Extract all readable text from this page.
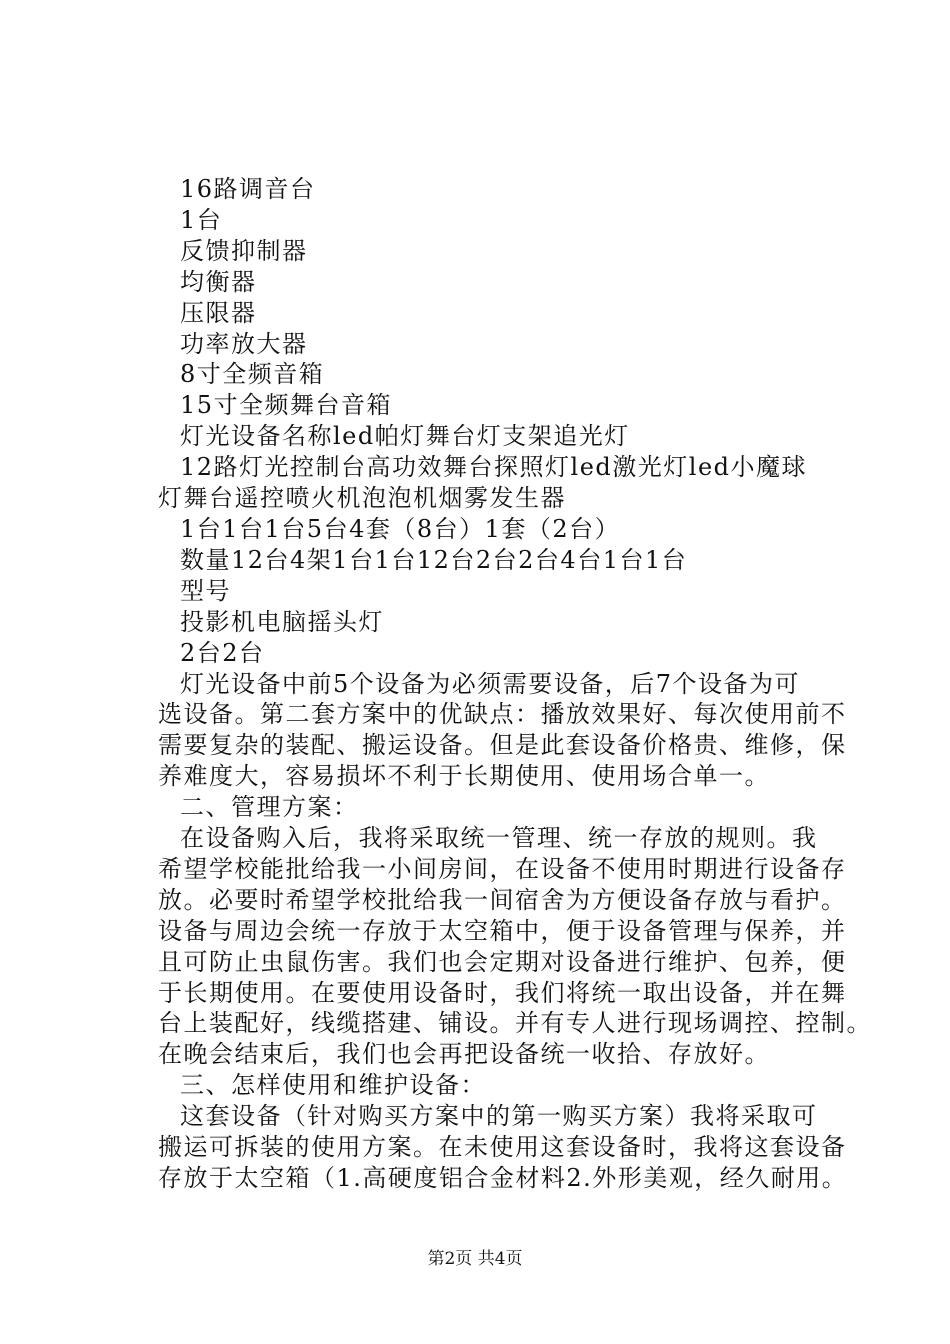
16路调音台
1台
反馈抑制器
均衡器
压限器
功率放大器
8寸全频音箱
15寸全频舞台音箱
灯光设备名称led帕灯舞台灯支架追光灯
12路灯光控制台高功效舞台探照灯led激光灯led小魔球
灯舞台遥控喷火机泡泡机烟雾发生器
1台1台1台5台4套（8台）1套（2台）
数量12台4架1台1台12台2台2台4台1台1台
型号
投影机电脑摇头灯
2台2台
灯光设备中前5个设备为必须需要设备，后7个设备为可
选设备。第二套方案中的优缺点：播放效果好、每次使用前不
需要复杂的装配、搬运设备。但是此套设备价格贵、维修，保
养难度大，容易损坏不利于长期使用、使用场合单一。
二、管理方案：
在设备购入后，我将采取统一管理、统一存放的规则。我
希望学校能批给我一小间房间，在设备不使用时期进行设备存
放。必要时希望学校批给我一间宿舍为方便设备存放与看护。
设备与周边会统一存放于太空箱中，便于设备管理与保养，并
且可防止虫鼠伤害。我们也会定期对设备进行维护、包养，便
于长期使用。在要使用设备时，我们将统一取出设备，并在舞
台上装配好，线缆搭建、铺设。并有专人进行现场调控、控制。
在晚会结束后，我们也会再把设备统一收拾、存放好。
三、怎样使用和维护设备：
这套设备（针对购买方案中的第一购买方案）我将采取可
搬运可拆装的使用方案。在未使用这套设备时，我将这套设备
存放于太空箱（1.高硬度铝合金材料2.外形美观，经久耐用。
第2页 共4页
